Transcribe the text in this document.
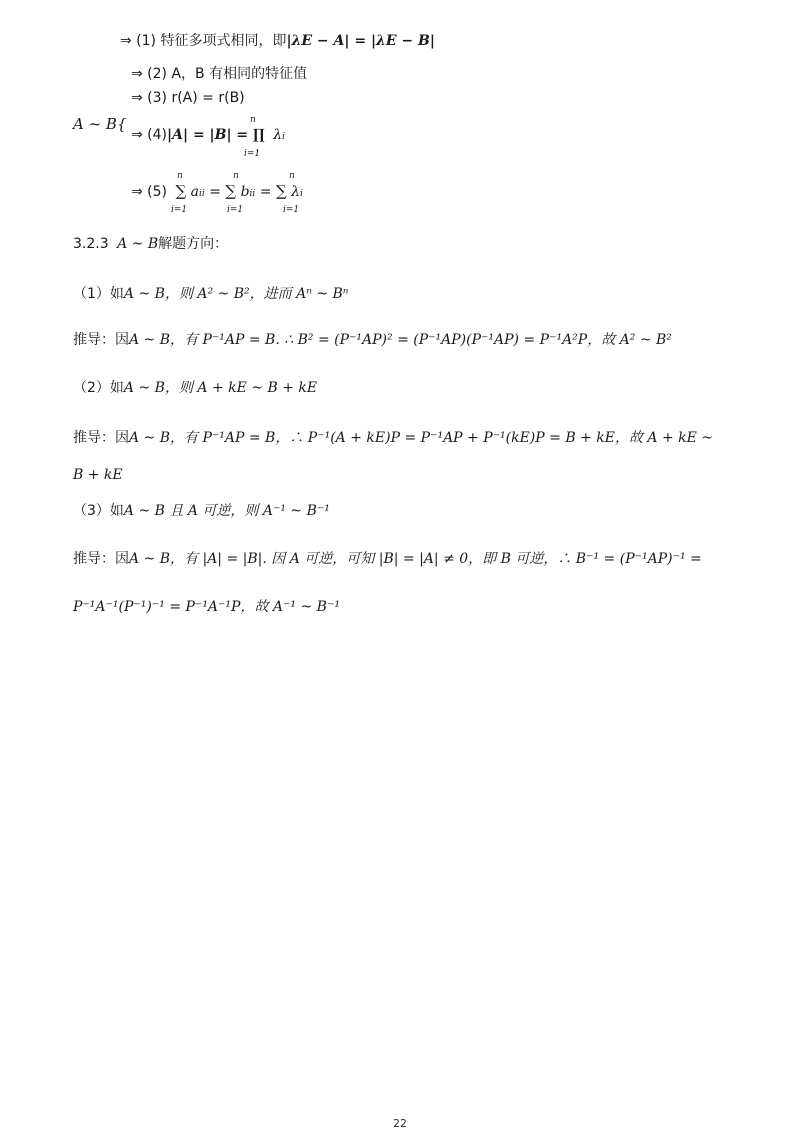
⇒ (1) 特征多项式相同，即|λE − A| = |λE − B|
⇒ (2) A，B 有相同的特征值
⇒ (3) r(A) = r(B)
A ~ B{
⇒ (4)|A| = |B| = ∏ λi
n
i=1
⇒ (5) ∑ aii = ∑ bii = ∑ λi
n
i=1
n
i=1
n
i=1
3.2.3 A ~ B解题方向：
（1）如A ~ B，则 A² ~ B²，进而 Aⁿ ~ Bⁿ
推导：因A ~ B，有 P⁻¹AP = B. ∴ B² = (P⁻¹AP)² = (P⁻¹AP)(P⁻¹AP) = P⁻¹A²P，故 A² ~ B²
（2）如A ~ B，则 A + kE ~ B + kE
推导：因A ~ B，有 P⁻¹AP = B，∴ P⁻¹(A + kE)P = P⁻¹AP + P⁻¹(kE)P = B + kE，故 A + kE ~
B + kE
（3）如A ~ B 且 A 可逆，则 A⁻¹ ~ B⁻¹
推导：因A ~ B，有 |A| = |B|. 因 A 可逆，可知 |B| = |A| ≠ 0，即 B 可逆，∴ B⁻¹ = (P⁻¹AP)⁻¹ =
P⁻¹A⁻¹(P⁻¹)⁻¹ = P⁻¹A⁻¹P，故 A⁻¹ ~ B⁻¹
22
